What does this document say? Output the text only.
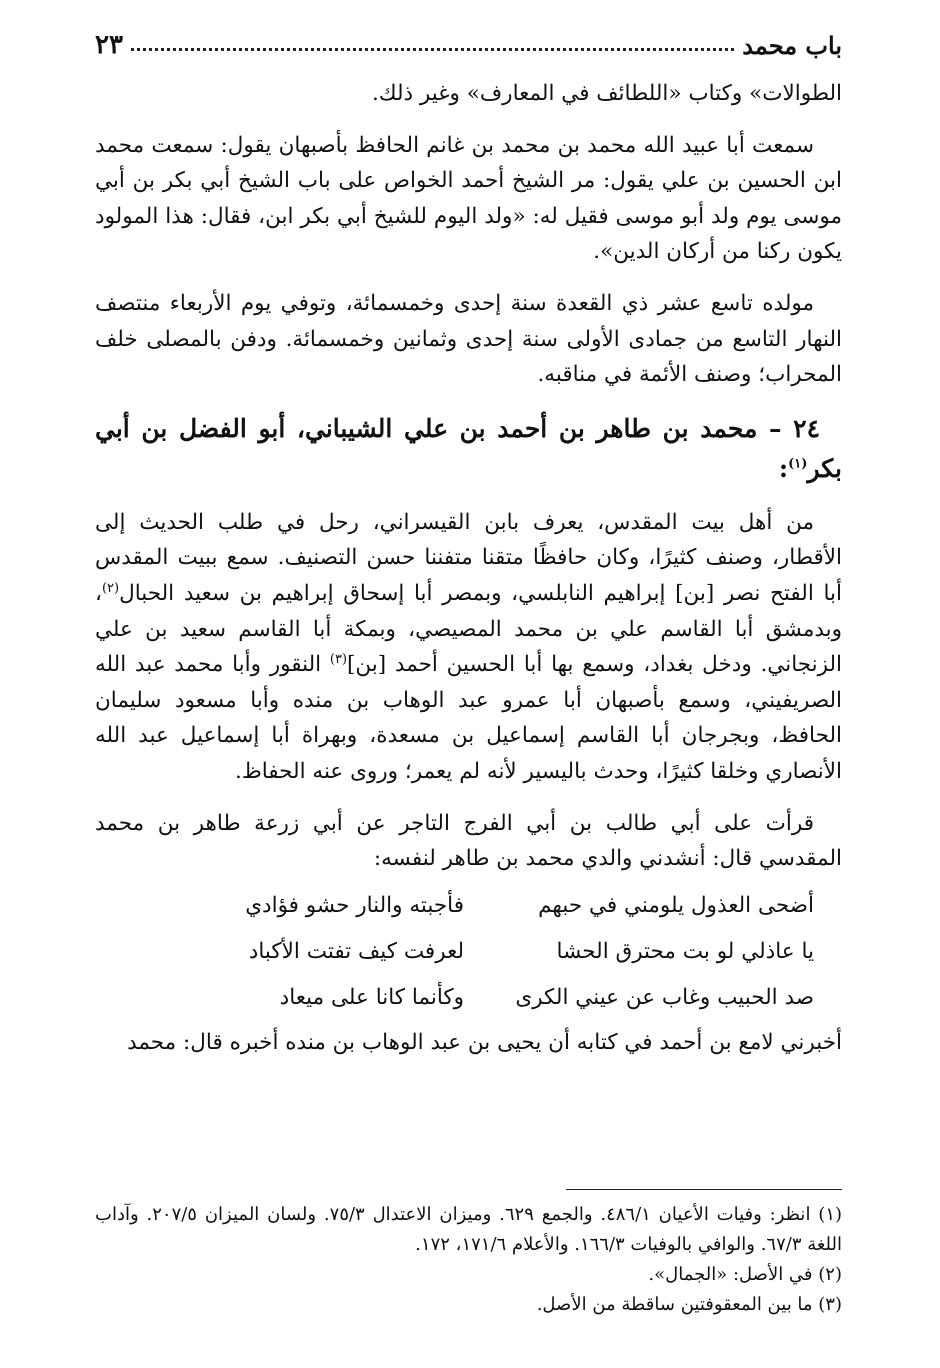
باب محمد
٢٣

الطوالات» وكتاب «اللطائف في المعارف» وغير ذلك.

سمعت أبا عبيد الله محمد بن محمد بن غانم الحافظ بأصبهان يقول: سمعت محمد ابن الحسين بن علي يقول: مر الشيخ أحمد الخواص على باب الشيخ أبي بكر بن أبي موسى يوم ولد أبو موسى فقيل له: «ولد اليوم للشيخ أبي بكر ابن، فقال: هذا المولود يكون ركنا من أركان الدين».

مولده تاسع عشر ذي القعدة سنة إحدى وخمسمائة، وتوفي يوم الأربعاء منتصف النهار التاسع من جمادى الأولى سنة إحدى وثمانين وخمسمائة. ودفن بالمصلى خلف المحراب؛ وصنف الأئمة في مناقبه.

٢٤ – محمد بن طاهر بن أحمد بن علي الشيباني، أبو الفضل بن أبي بكر$^{(١)}$:

من أهل بيت المقدس، يعرف بابن القيسراني، رحل في طلب الحديث إلى الأقطار، وصنف كثيرًا، وكان حافظًا متقنا متفننا حسن التصنيف. سمع ببيت المقدس أبا الفتح نصر [بن] إبراهيم النابلسي، وبمصر أبا إسحاق إبراهيم بن سعيد الحبال$^{(٢)}$، وبدمشق أبا القاسم علي بن محمد المصيصي، وبمكة أبا القاسم سعيد بن علي الزنجاني. ودخل بغداد، وسمع بها أبا الحسين أحمد [بن]$^{(٣)}$ النقور وأبا محمد عبد الله الصريفيني، وسمع بأصبهان أبا عمرو عبد الوهاب بن منده وأبا مسعود سليمان الحافظ، وبجرجان أبا القاسم إسماعيل بن مسعدة، وبهراة أبا إسماعيل عبد الله الأنصاري وخلقا كثيرًا، وحدث باليسير لأنه لم يعمر؛ وروى عنه الحفاظ.

قرأت على أبي طالب بن أبي الفرج التاجر عن أبي زرعة طاهر بن محمد المقدسي قال: أنشدني والدي محمد بن طاهر لنفسه:

أضحى العذول يلومني في حبهم
فأجبته والنار حشو فؤادي
يا عاذلي لو بت محترق الحشا
لعرفت كيف تفتت الأكباد
صد الحبيب وغاب عن عيني الكرى
وكأنما كانا على ميعاد

أخبرني لامع بن أحمد في كتابه أن يحيى بن عبد الوهاب بن منده أخبره قال: محمد

(١) انظر: وفيات الأعيان ٤٨٦/١. والجمع ٦٢٩. وميزان الاعتدال ٧٥/٣. ولسان الميزان ٢٠٧/٥. وآداب اللغة ٦٧/٣. والوافي بالوفيات ١٦٦/٣. والأعلام ١٧١/٦، ١٧٢.

(٢) في الأصل: «الجمال».

(٣) ما بين المعقوفتين ساقطة من الأصل.
